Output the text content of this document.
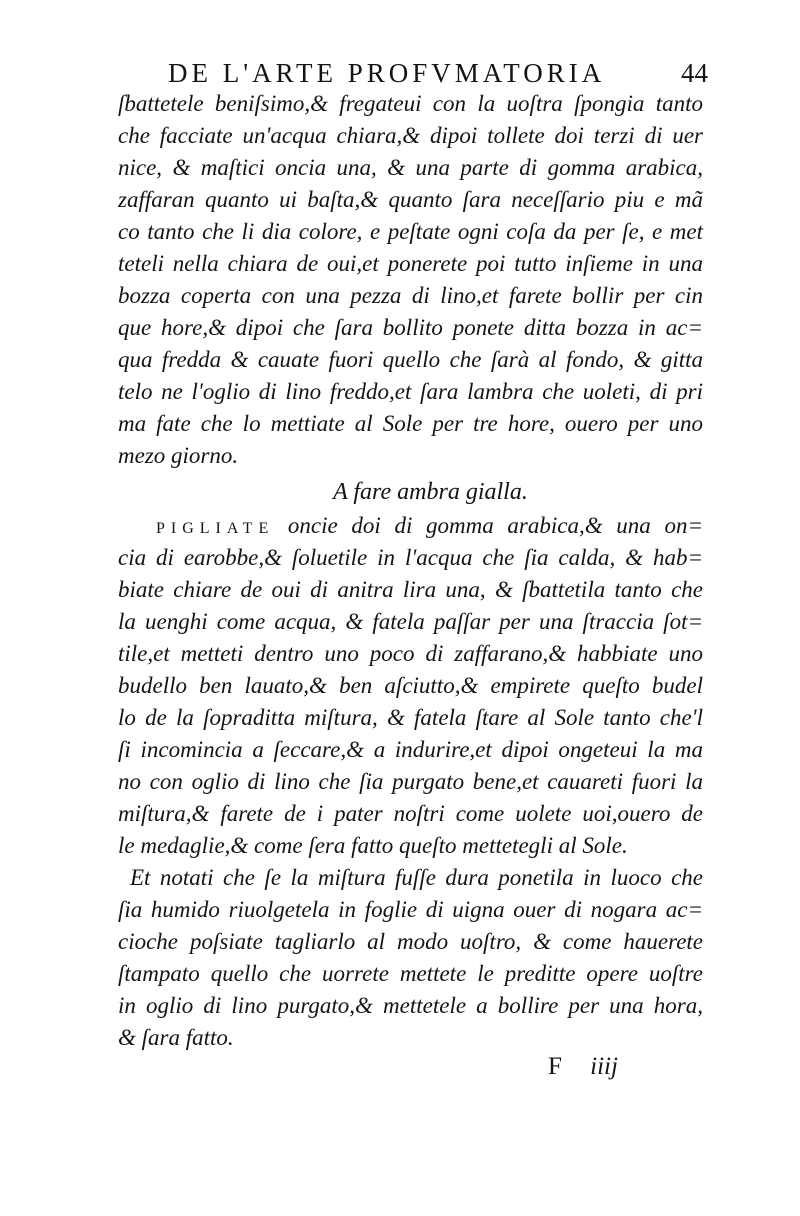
DE L'ARTE PROFVMATORIA	44
ſbattetele beniſsimo,& fregateui con la uoſtra ſpongia tanto
che facciate un'acqua chiara,& dipoi tollete doi terzi di uer
nice, & maſtici oncia una, & una parte di gomma arabica,
zaffaran quanto ui baſta,& quanto ſara neceſſario piu e mã
co tanto che li dia colore, e peſtate ogni coſa da per ſe, e met
teteli nella chiara de oui,et ponerete poi tutto inſieme in una
bozza coperta con una pezza di lino,et farete bollir per cin
que hore,& dipoi che ſara bollito ponete ditta bozza in ac=
qua fredda & cauate fuori quello che ſarà al fondo, & gitta
telo ne l'oglio di lino freddo,et ſara lambra che uoleti, di pri
ma fate che lo mettiate al Sole per tre hore, ouero per uno
mezo giorno.
A fare ambra gialla.
PIGLIATE oncie doi di gomma arabica,& una on=
cia di earobbe,& ſoluetile in l'acqua che ſia calda, & hab=
biate chiare de oui di anitra lira una, & ſbattetila tanto che
la uenghi come acqua, & fatela paſſar per una ſtraccia ſot=
tile,et metteti dentro uno poco di zaffarano,& habbiate uno
budello ben lauato,& ben aſciutto,& empirete queſto budel
lo de la ſopraditta miſtura, & fatela ſtare al Sole tanto che'l
ſi incomincia a ſeccare,& a indurire,et dipoi ongeteui la ma
no con oglio di lino che ſia purgato bene,et cauareti fuori la
miſtura,& farete de i pater noſtri come uolete uoi,ouero de
le medaglie,& come ſera fatto queſto mettetegli al Sole.
Et notati che ſe la miſtura fuſſe dura ponetila in luoco che
ſia humido riuolgetela in foglie di uigna ouer di nogara ac=
cioche poſsiate tagliarlo al modo uoſtro, & come hauerete
ſtampato quello che uorrete mettete le preditte opere uoſtre
in oglio di lino purgato,& mettetele a bollire per una hora,
& ſara fatto.
F iiij
